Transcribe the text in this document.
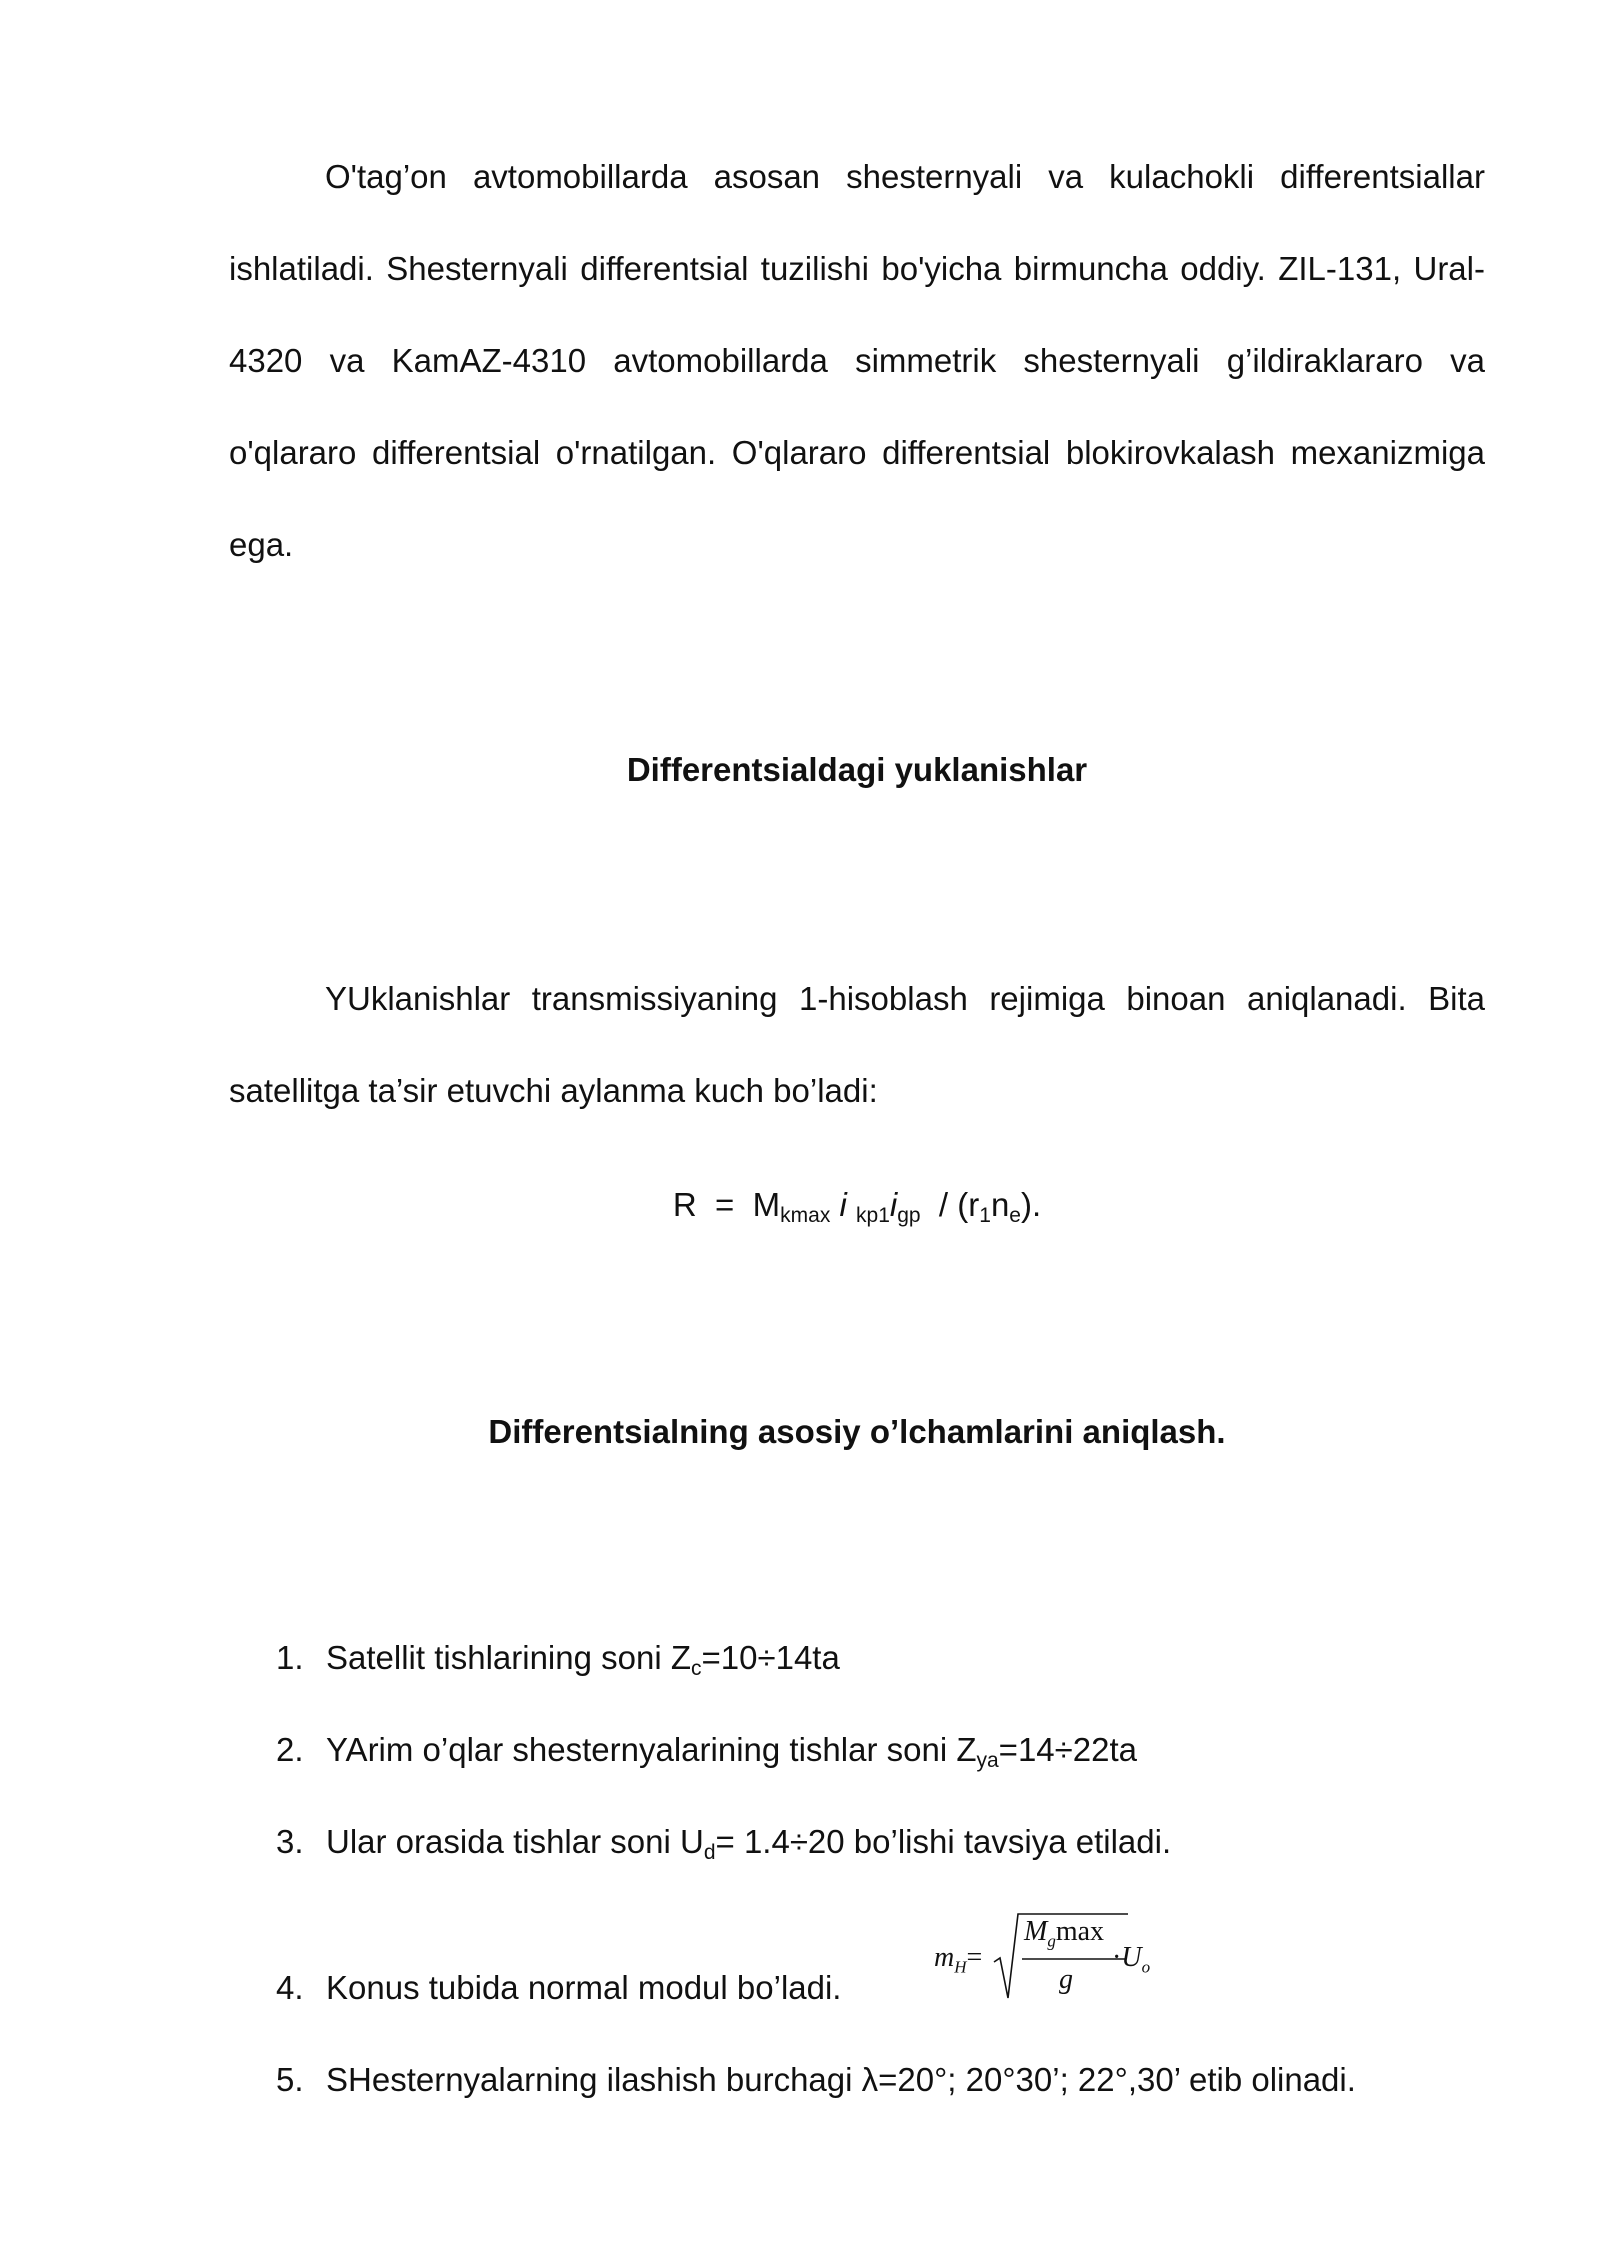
O'tag’on avtomobillarda asosan shesternyali va kulachokli differentsiallar ishlatiladi. Shesternyali differentsial tuzilishi bo'yicha birmuncha oddiy. ZIL-131, Ural-4320 va KamAZ-4310 avtomobillarda simmetrik shesternyali g’ildiraklararo va o'qlararo differentsial o'rnatilgan. O'qlararo differentsial blokirovkalash mexanizmiga ega.

Differentsialdagi yuklanishlar

YUklanishlar transmissiyaning 1-hisoblash rejimiga binoan aniqlanadi. Bita satellitga ta’sir etuvchi aylanma kuch bo’ladi:

$R = M_{kmax}$ i $_{kp1}i_{gp} / (r_1n_e)$.
Differentsialning asosiy o’lchamlarini aniqlash.
1. Satellit tishlarining soni $Z_c=10\div 14ta$
2. YArim o’qlar shesternyalarining tishlar soni $Z_{ya}=14\div 22ta$
3. Ular orasida tishlar soni $U_d= 1.4\div 20$ bo’lishi tavsiya etiladi.
4. Konus tubida normal modul bo’ladi.
5. SHesternyalarning ilashish burchagi λ=20°; 20°30’; 22°,30’ etib olinadi.
$m_H=$
$M_g\max$
g
$\cdot U_o$
